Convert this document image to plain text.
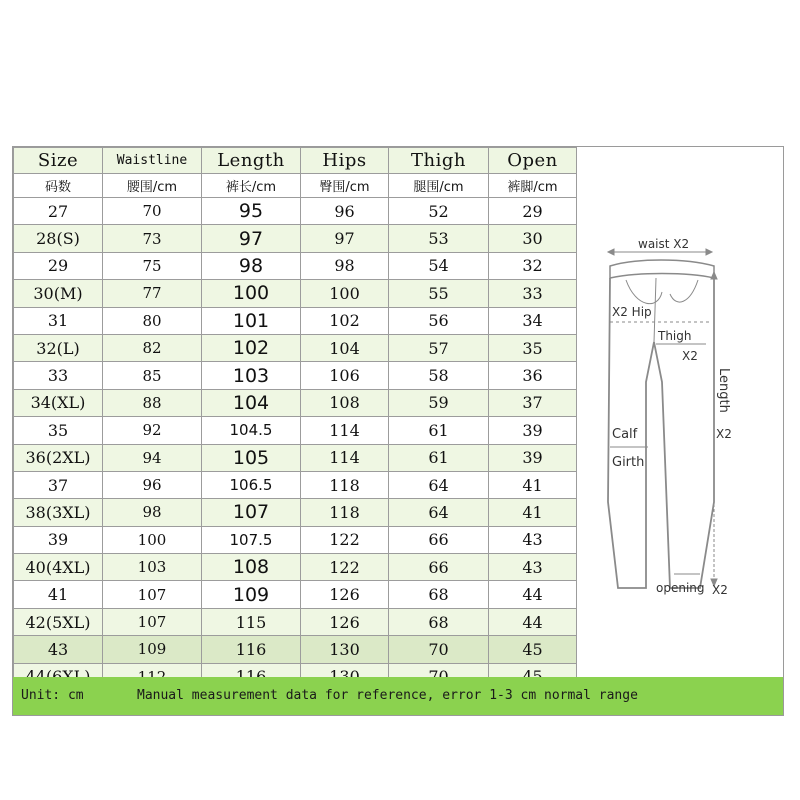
Size	Waistline	Length	Hips	Thigh	Open
码数	腰围/cm	裤长/cm	臀围/cm	腿围/cm	裤脚/cm
27	70	95	96	52	29
28(S)	73	97	97	53	30
29	75	98	98	54	32
30(M)	77	100	100	55	33
31	80	101	102	56	34
32(L)	82	102	104	57	35
33	85	103	106	58	36
34(XL)	88	104	108	59	37
35	92	104.5	114	61	39
36(2XL)	94	105	114	61	39
37	96	106.5	118	64	41
38(3XL)	98	107	118	64	41
39	100	107.5	122	66	43
40(4XL)	103	108	122	66	43
41	107	109	126	68	44
42(5XL)	107	115	126	68	44
43	109	116	130	70	45

Unit: cm	Manual measurement data for reference, error 1-3 cm normal range
waist X2
X2 Hip
Thigh
X2
Length
X2
Calf
Girth
opening X2
